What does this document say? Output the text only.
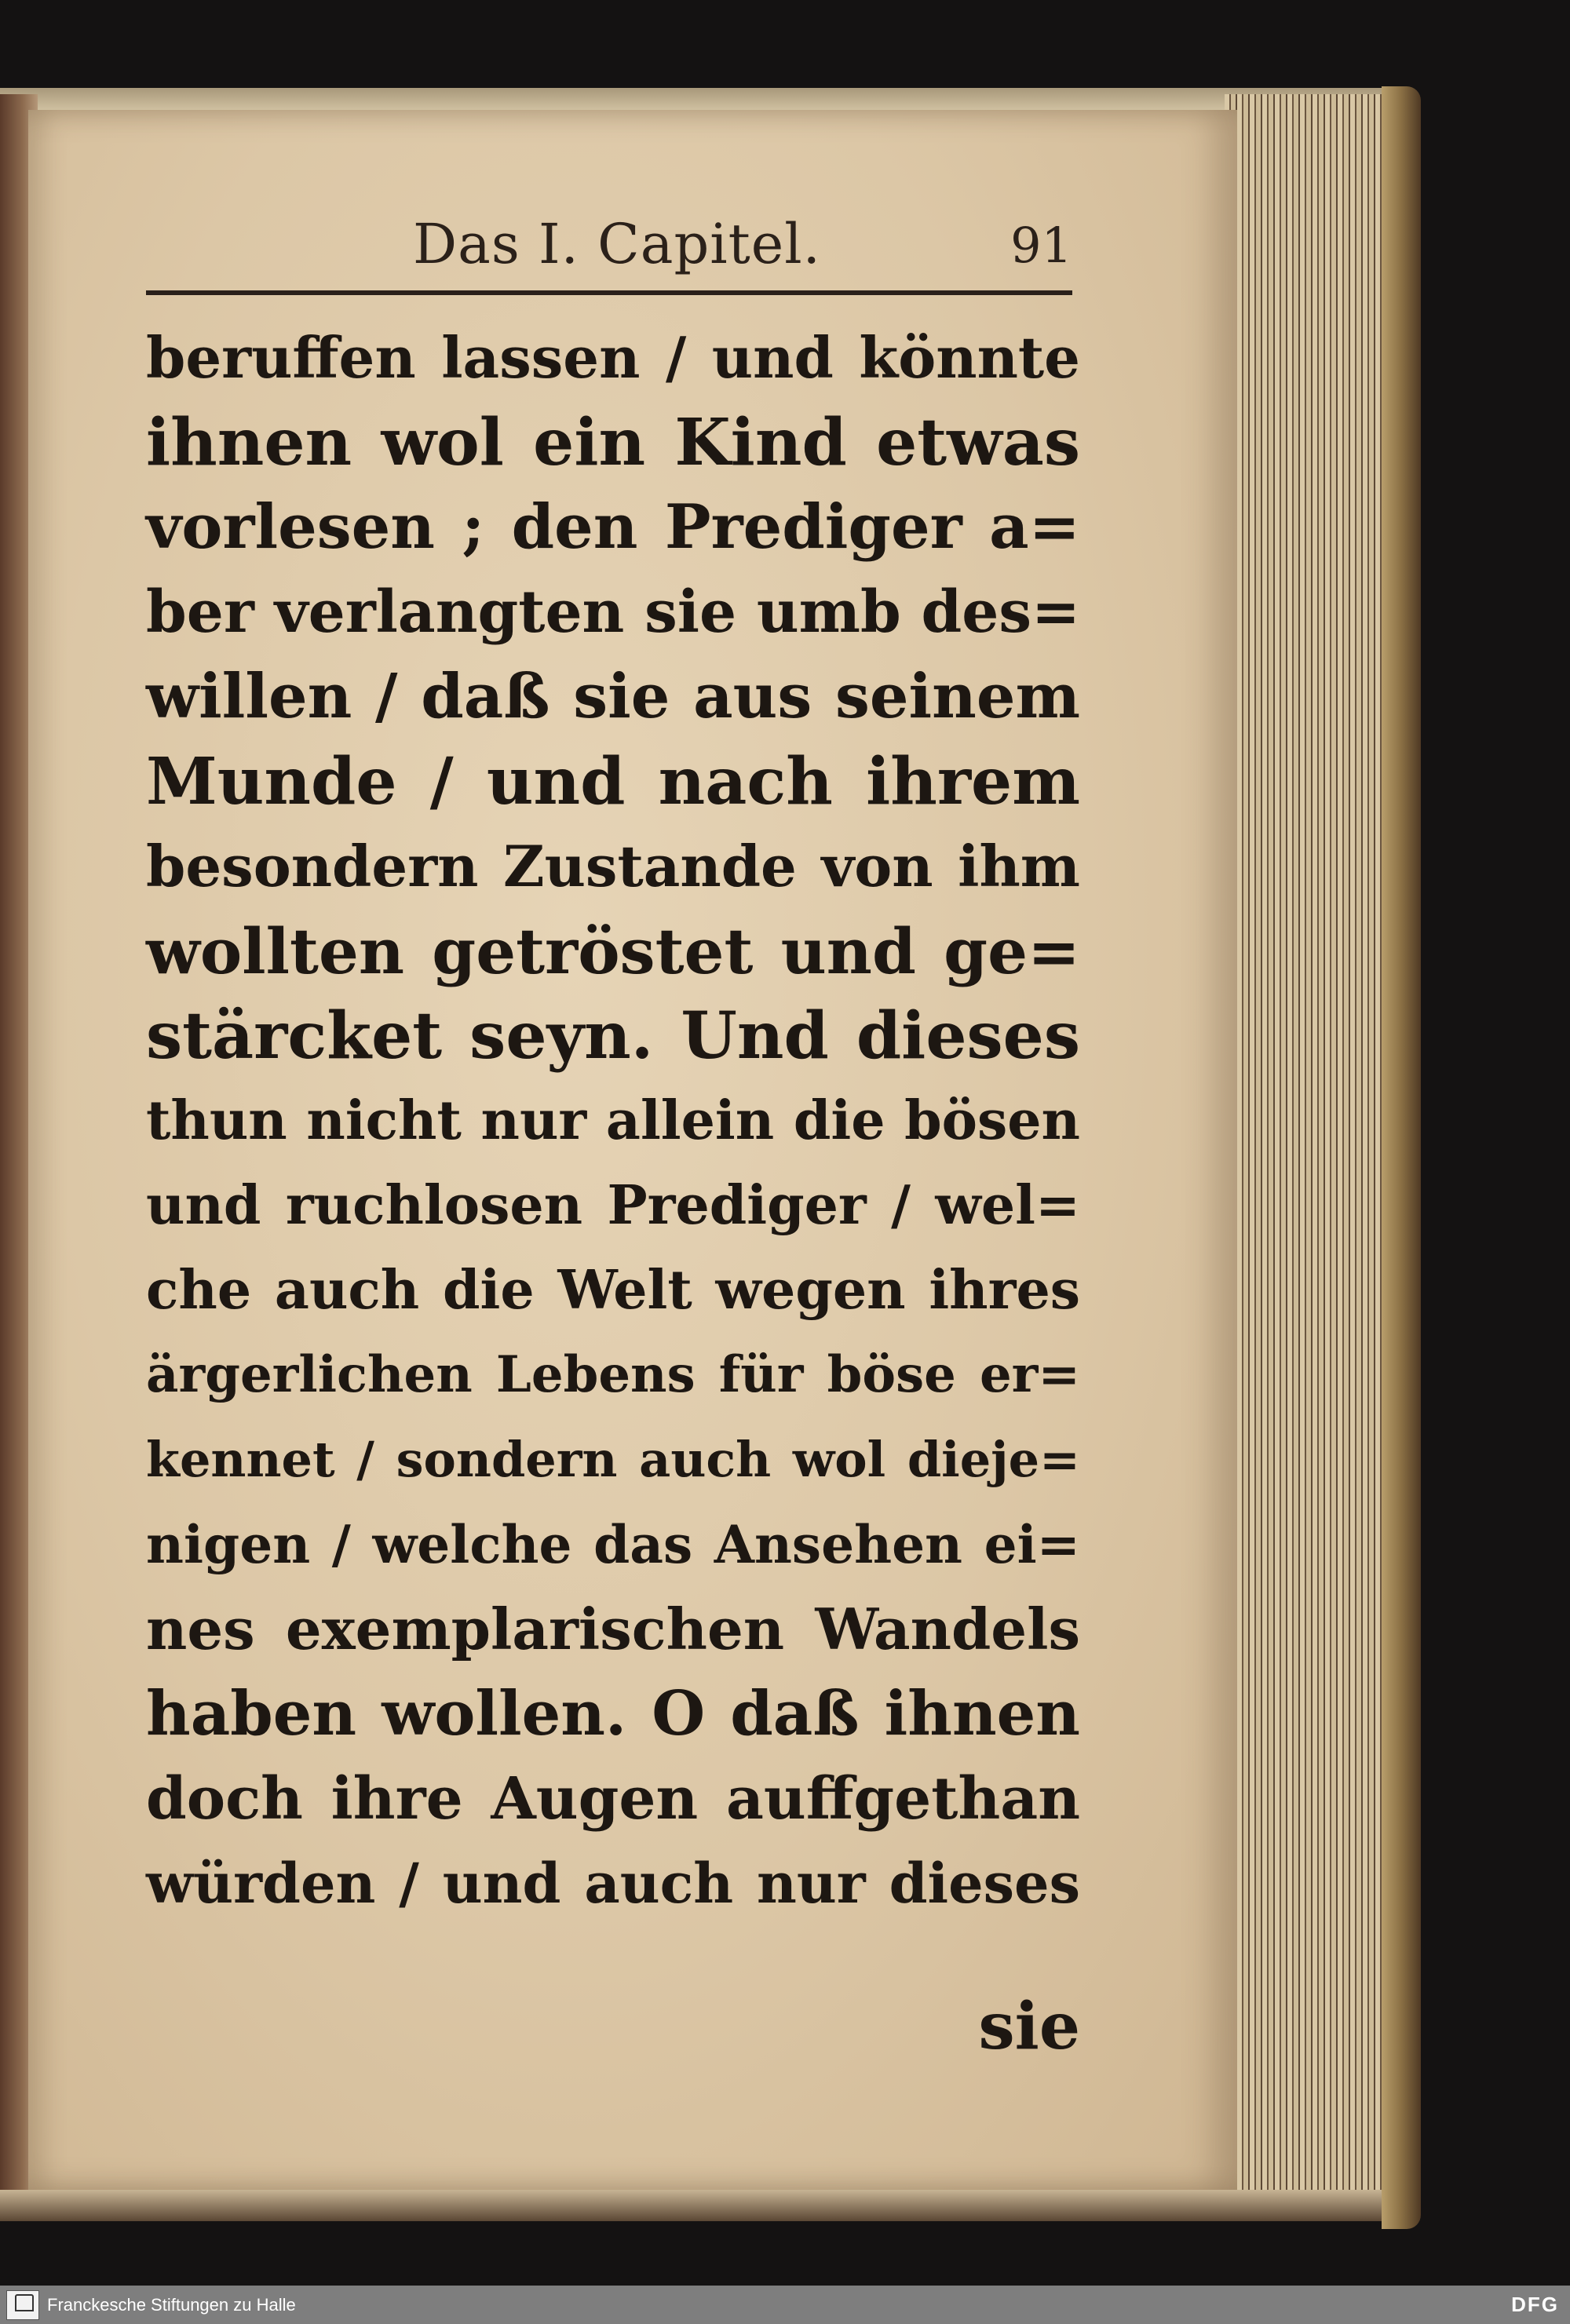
Das I. Capitel.	91
beruffen lassen / und könnte
ihnen wol ein Kind etwas
vorlesen ; den Prediger a=
ber verlangten sie umb des=
willen / daß sie aus seinem
Munde / und nach ihrem
besondern Zustande von ihm
wollten getröstet und ge=
stärcket seyn. Und dieses
thun nicht nur allein die bösen
und ruchlosen Prediger / wel=
che auch die Welt wegen ihres
ärgerlichen Lebens für böse er=
kennet / sondern auch wol dieje=
nigen / welche das Ansehen ei=
nes exemplarischen Wandels
haben wollen. O daß ihnen
doch ihre Augen auffgethan
würden / und auch nur dieses
sie
Franckesche Stiftungen zu Halle	DFG
